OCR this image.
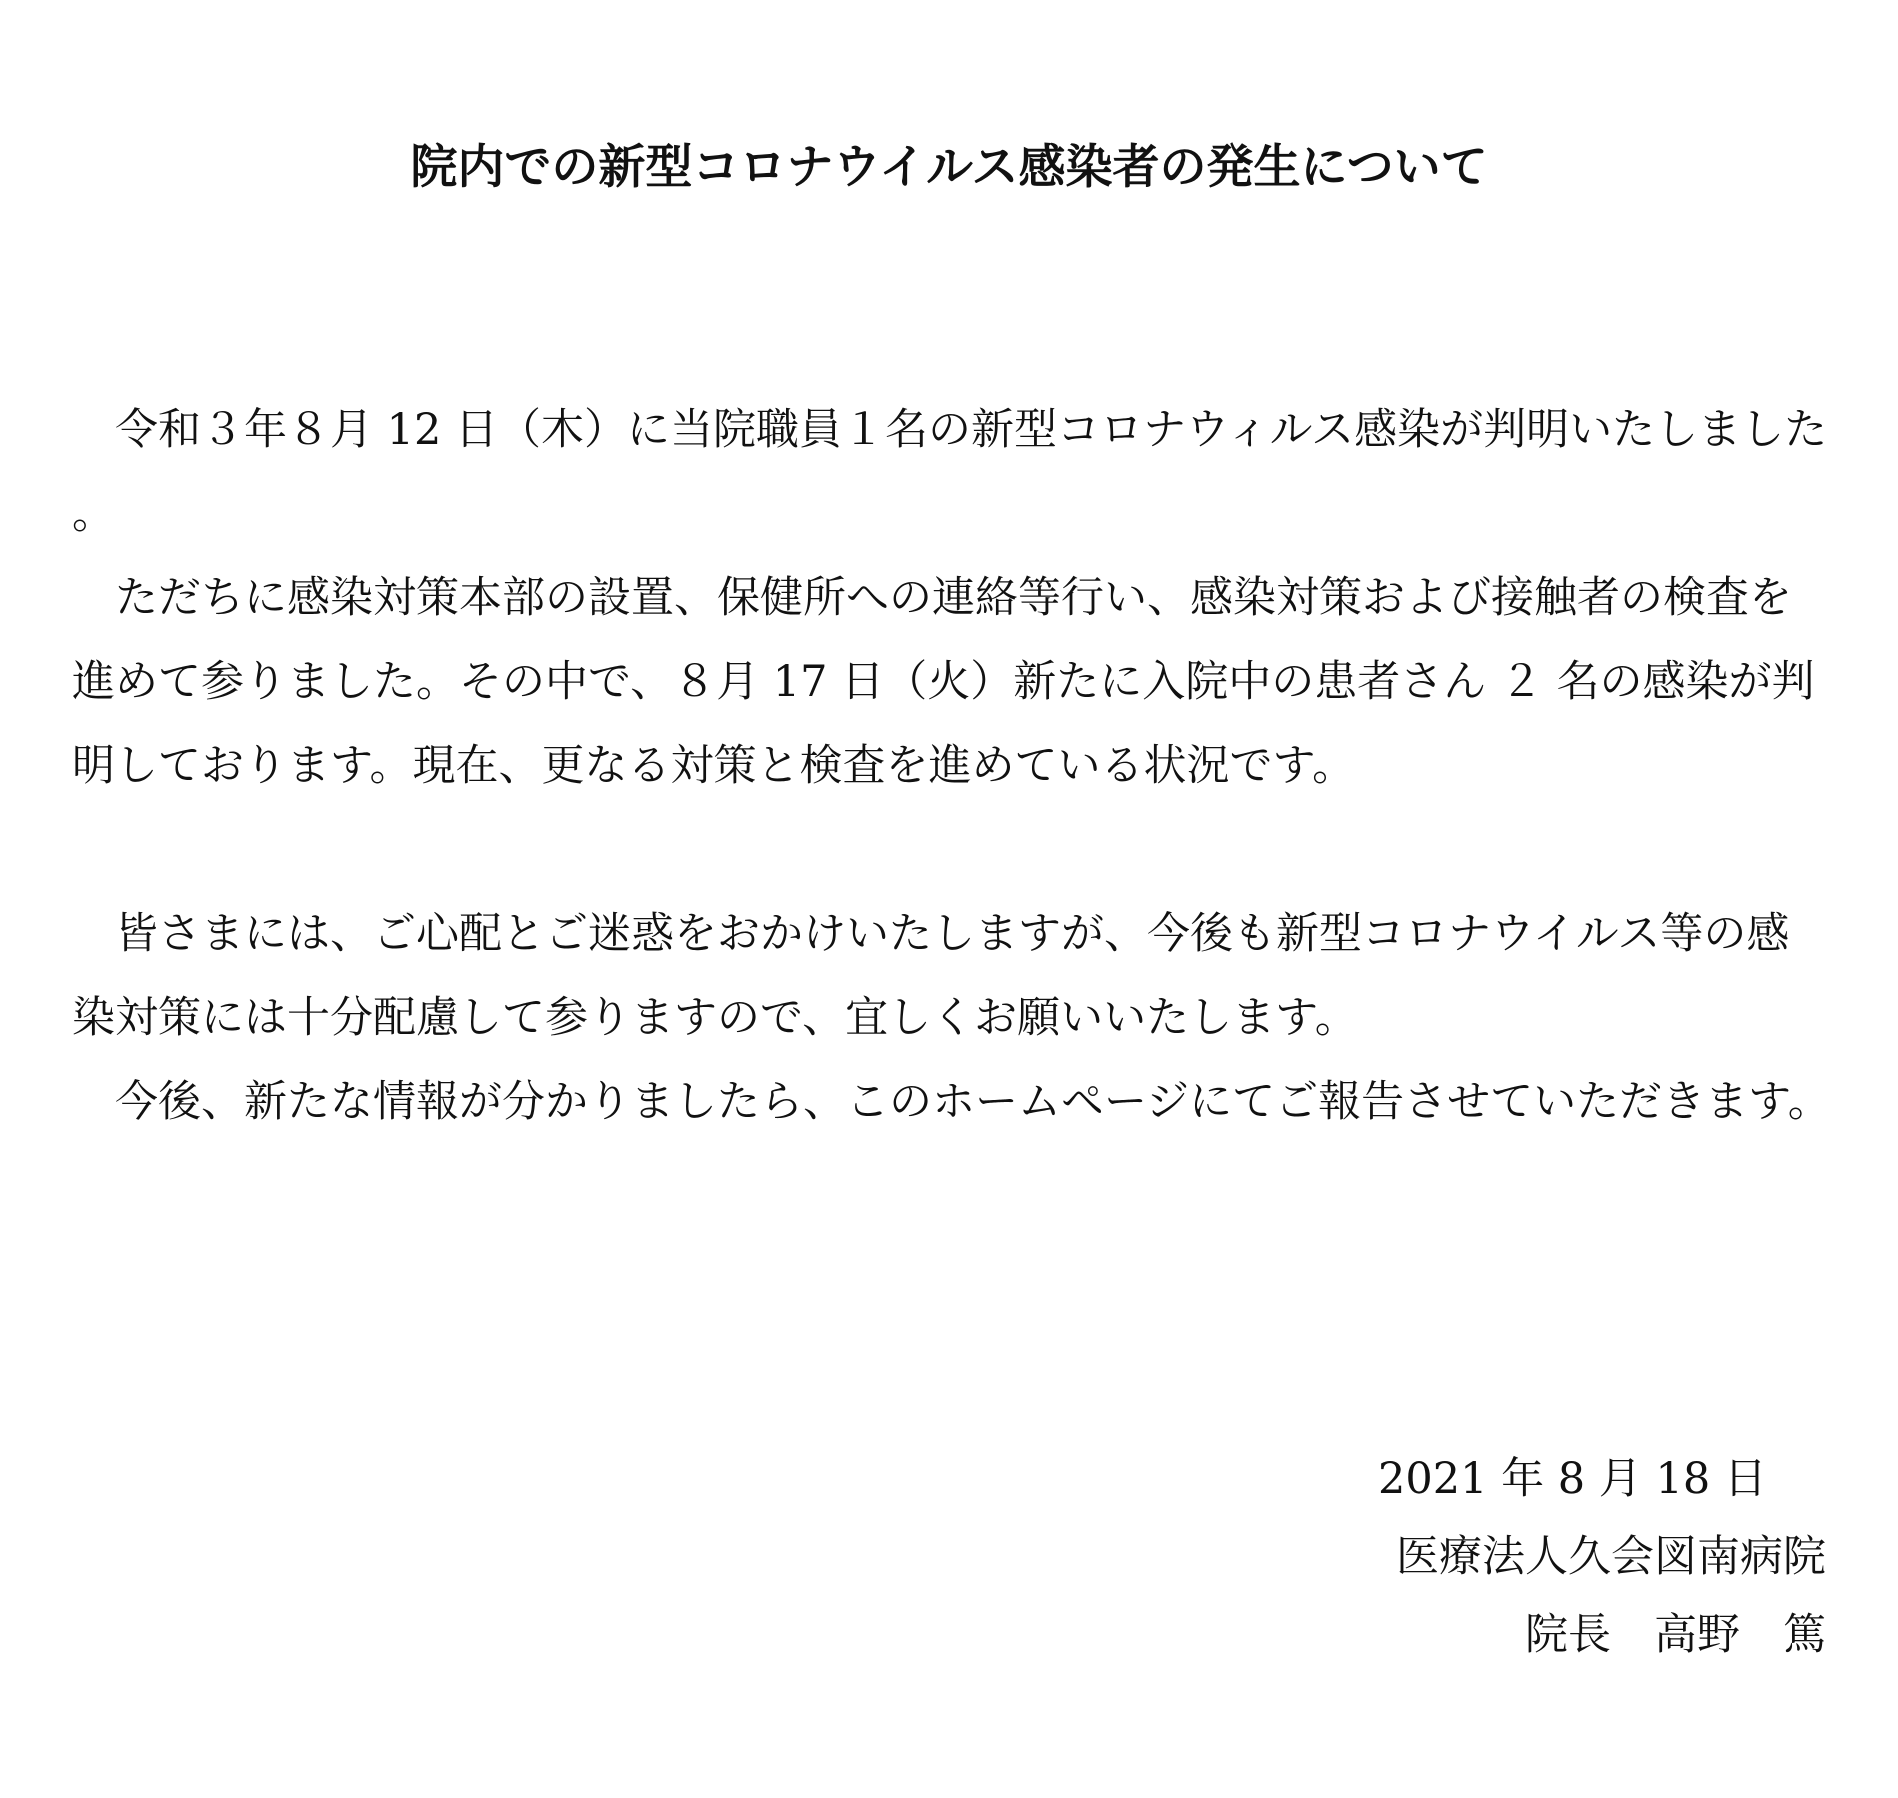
院内での新型コロナウイルス感染者の発生について

令和３年８月 12 日（木）に当院職員１名の新型コロナウィルス感染が判明いたしました。

ただちに感染対策本部の設置、保健所への連絡等行い、感染対策および接触者の検査を進めて参りました。その中で、８月 17 日（火）新たに入院中の患者さん ２ 名の感染が判明しております。現在、更なる対策と検査を進めている状況です。

皆さまには、ご心配とご迷惑をおかけいたしますが、今後も新型コロナウイルス等の感染対策には十分配慮して参りますので、宜しくお願いいたします。

今後、新たな情報が分かりましたら、このホームページにてご報告させていただきます。

2021 年 8 月 18 日
医療法人久会図南病院
院長　高野　篤
